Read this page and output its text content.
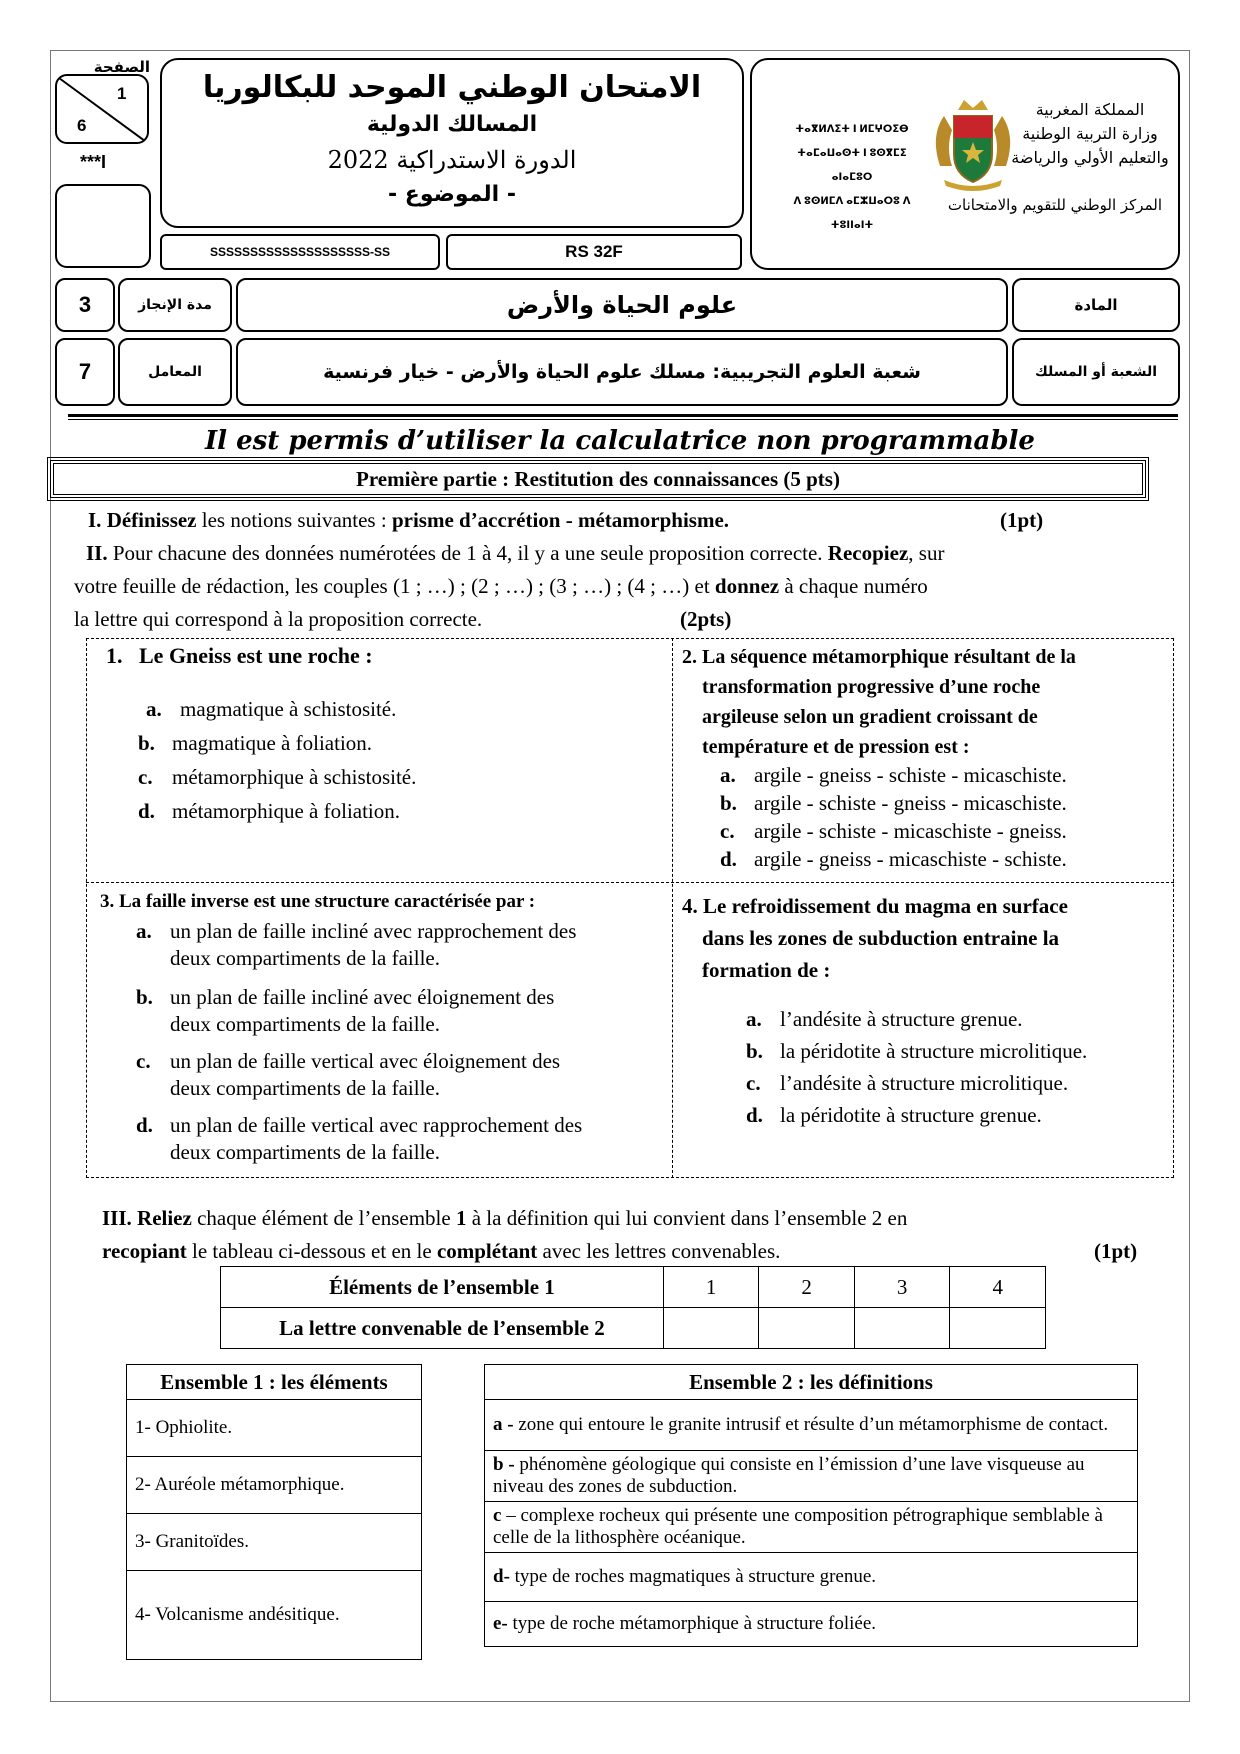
الصفحة
1
6
***I
الامتحان الوطني الموحد للبكالوريا
المسالك الدولية
الدورة الاستدراكية 2022
- الموضوع -
SSSSSSSSSSSSSSSSSSSS-SS	RS 32F
ⵜⴰⴳⵍⴷⵉⵜ ⵏ ⵍⵎⵖⵔⵉⴱ
ⵜⴰⵎⴰⵡⴰⵙⵜ ⵏ ⵓⵙⴳⵎⵉ ⴰⵏⴰⵎⵓⵔ
ⴷ ⵓⵙⵍⵎⴷ ⴰⵎⵣⵡⴰⵔⵓ ⴷ ⵜⵓⵏⵏⴰⵏⵜ
المملكة المغربية
وزارة التربية الوطنية
والتعليم الأولي والرياضة
المركز الوطني للتقويم والامتحانات
3	مدة الإنجاز	علوم الحياة والأرض	المادة
7	المعامل	شعبة العلوم التجريبية: مسلك علوم الحياة والأرض - خيار فرنسية	الشعبة أو المسلك
Il est permis d’utiliser la calculatrice non programmable
Première partie : Restitution des connaissances (5 pts)
I. Définissez les notions suivantes : prisme d’accrétion - métamorphisme.	(1pt)
II. Pour chacune des données numérotées de 1 à 4, il y a une seule proposition correcte. Recopiez, sur
votre feuille de rédaction, les couples (1 ; …) ; (2 ; …) ; (3 ; …) ; (4 ; …) et donnez à chaque numéro
la lettre qui correspond à la proposition correcte.	(2pts)
1.   Le Gneiss est une roche :
a. magmatique à schistosité.
b. magmatique à foliation.
c. métamorphique à schistosité.
d. métamorphique à foliation.
2. La séquence métamorphique résultant de la
transformation progressive d’une roche
argileuse selon un gradient croissant de
température et de pression est :
a. argile - gneiss - schiste - micaschiste.
b. argile - schiste - gneiss - micaschiste.
c. argile - schiste - micaschiste - gneiss.
d. argile - gneiss - micaschiste - schiste.
3. La faille inverse est une structure caractérisée par :
a. un plan de faille incliné avec rapprochement des
deux compartiments de la faille.
b. un plan de faille incliné avec éloignement des
deux compartiments de la faille.
c. un plan de faille vertical avec éloignement des
deux compartiments de la faille.
d. un plan de faille vertical avec rapprochement des
deux compartiments de la faille.
4. Le refroidissement du magma en surface
dans les zones de subduction entraine la
formation de :
a. l’andésite à structure grenue.
b. la péridotite à structure microlitique.
c. l’andésite à structure microlitique.
d. la péridotite à structure grenue.
III. Reliez chaque élément de l’ensemble 1 à la définition qui lui convient dans l’ensemble 2 en
recopiant le tableau ci-dessous et en le complétant avec les lettres convenables.	(1pt)
Éléments de l’ensemble 1	1	2	3	4
La lettre convenable de l’ensemble 2				
Ensemble 1 : les éléments
1- Ophiolite.
2- Auréole métamorphique.
3- Granitoïdes.
4- Volcanisme andésitique.
Ensemble 2 : les définitions
a - zone qui entoure le granite intrusif et résulte d’un métamorphisme de contact.
b - phénomène géologique qui consiste en l’émission d’une lave visqueuse au niveau des zones de subduction.
c – complexe rocheux qui présente une composition pétrographique semblable à celle de la lithosphère océanique.
d- type de roches magmatiques à structure grenue.
e- type de roche métamorphique à structure foliée.
